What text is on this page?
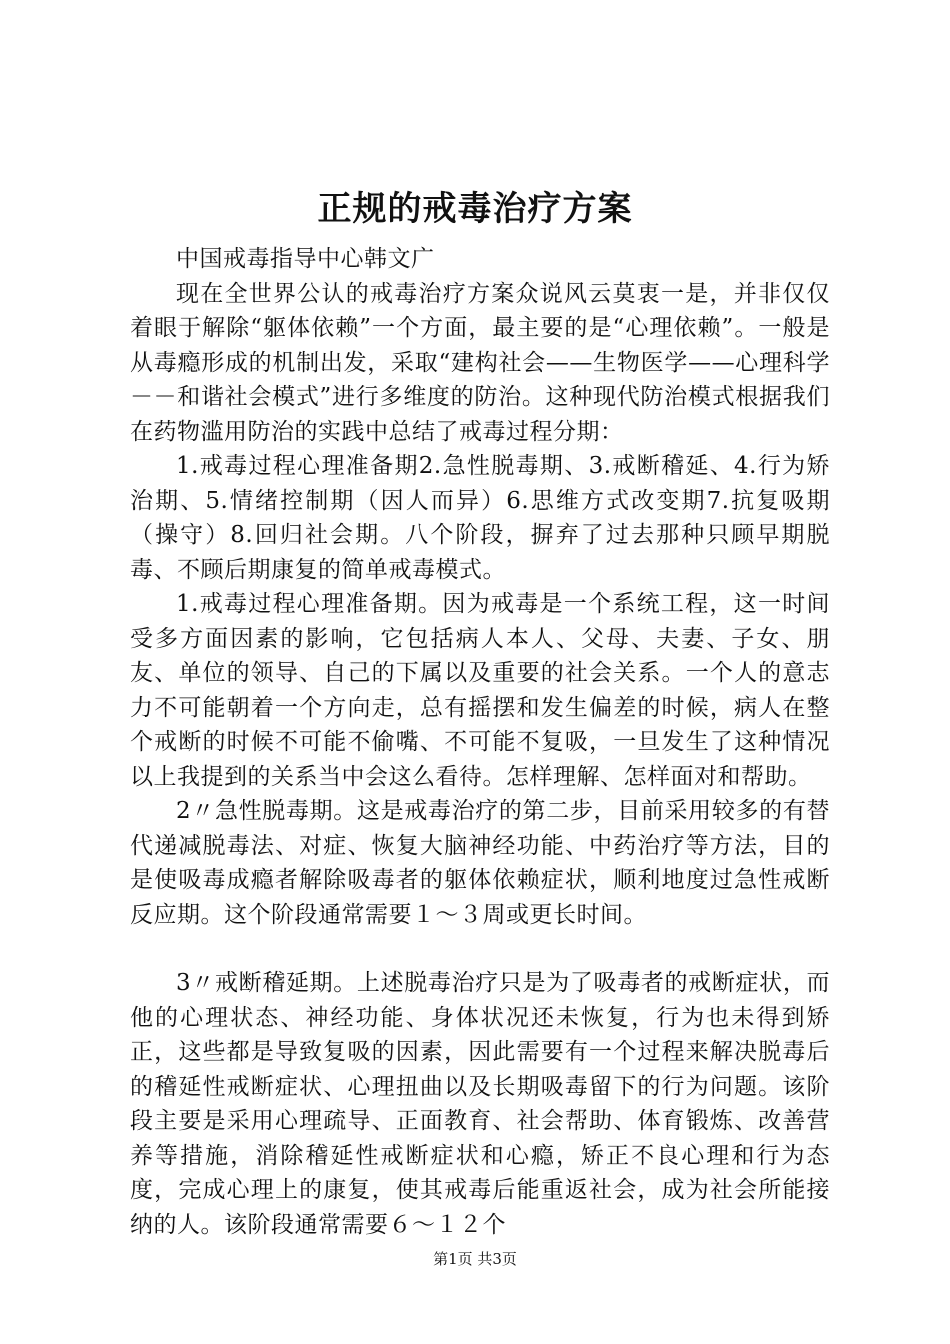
正规的戒毒治疗方案

中国戒毒指导中心韩文广

现在全世界公认的戒毒治疗方案众说风云莫衷一是，并非仅仅着眼于解除“躯体依赖”一个方面，最主要的是“心理依赖”。一般是从毒瘾形成的机制出发，采取“建构社会——生物医学——心理科学－－和谐社会模式”进行多维度的防治。这种现代防治模式根据我们在药物滥用防治的实践中总结了戒毒过程分期：

1.戒毒过程心理准备期2.急性脱毒期、3.戒断稽延、4.行为矫治期、5.情绪控制期（因人而异）6.思维方式改变期7.抗复吸期（操守）8.回归社会期。八个阶段，摒弃了过去那种只顾早期脱毒、不顾后期康复的简单戒毒模式。

1.戒毒过程心理准备期。因为戒毒是一个系统工程，这一时间受多方面因素的影响，它包括病人本人、父母、夫妻、子女、朋友、单位的领导、自己的下属以及重要的社会关系。一个人的意志力不可能朝着一个方向走，总有摇摆和发生偏差的时候，病人在整个戒断的时候不可能不偷嘴、不可能不复吸，一旦发生了这种情况以上我提到的关系当中会这么看待。怎样理解、怎样面对和帮助。

2〃急性脱毒期。这是戒毒治疗的第二步，目前采用较多的有替代递减脱毒法、对症、恢复大脑神经功能、中药治疗等方法，目的是使吸毒成瘾者解除吸毒者的躯体依赖症状，顺利地度过急性戒断反应期。这个阶段通常需要１～３周或更长时间。

3〃戒断稽延期。上述脱毒治疗只是为了吸毒者的戒断症状，而他的心理状态、神经功能、身体状况还未恢复，行为也未得到矫正，这些都是导致复吸的因素，因此需要有一个过程来解决脱毒后的稽延性戒断症状、心理扭曲以及长期吸毒留下的行为问题。该阶段主要是采用心理疏导、正面教育、社会帮助、体育锻炼、改善营养等措施，消除稽延性戒断症状和心瘾，矫正不良心理和行为态度，完成心理上的康复，使其戒毒后能重返社会，成为社会所能接纳的人。该阶段通常需要６～１２个

第1页 共3页
